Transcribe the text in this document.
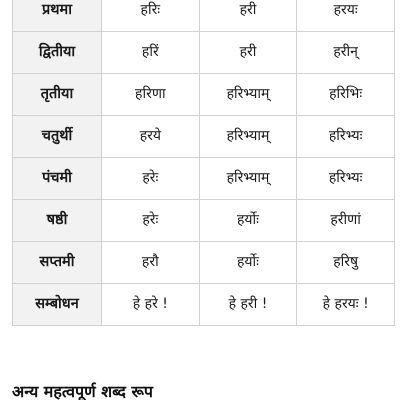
प्रथमा	हरिः	हरी	हरयः
द्वितीया	हरिं	हरी	हरीन्
तृतीया	हरिणा	हरिभ्याम्	हरिभिः
चतुर्थी	हरये	हरिभ्याम्	हरिभ्यः
पंचमी	हरेः	हरिभ्याम्	हरिभ्यः
षष्ठी	हरेः	हर्योः	हरीणां
सप्तमी	हरौ	हर्योः	हरिषु
सम्बोधन	हे हरे !	हे हरी !	हे हरयः !
अन्य महत्वपूर्ण शब्द रूप
